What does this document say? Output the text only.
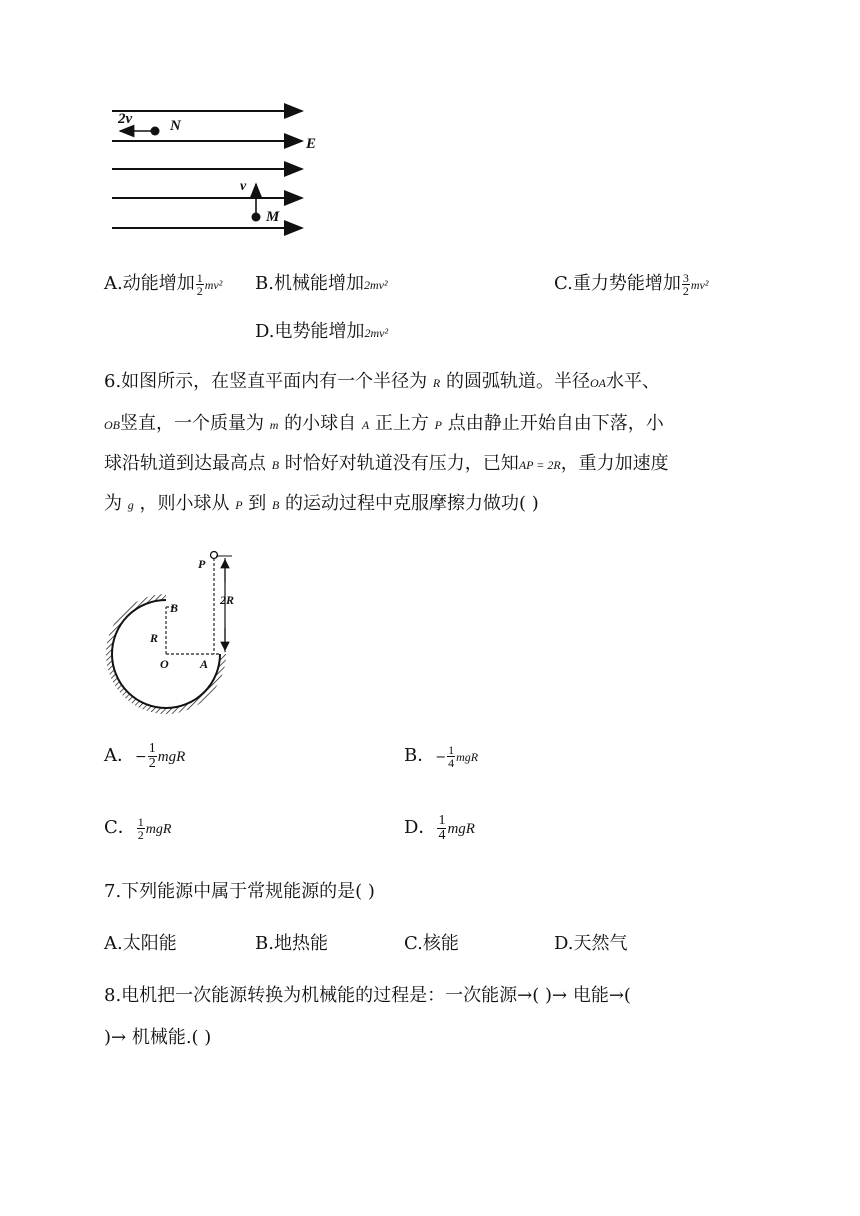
2v	N
E
v
M
A.动能增加 $\frac{1}{2} mv^2$ B.机械能增加2mv²	C.重力势能增加 $\frac{3}{2} mv^2$
D.电势能增加2mv²
6.如图所示，在竖直平面内有一个半径为 R 的圆弧轨道。半径OA水平、
OB竖直，一个质量为 m 的小球自 A 正上方 P 点由静止开始自由下落，小
球沿轨道到达最高点 B 时恰好对轨道没有压力，已知AP = 2R，重力加速度
为 g ，则小球从 P 到 B 的运动过程中克服摩擦力做功( )
P
2R
B
R
O	A
A．− $\frac{1}{2}$ mgR	B．− $\frac{1}{4}$ mgR
C． $\frac{1}{2}$ mgR	D． $\frac{1}{4}$ mgR
7.下列能源中属于常规能源的是( )
A.太阳能	B.地热能	C.核能	D.天然气
8.电机把一次能源转换为机械能的过程是：一次能源→( )→ 电能→(
)→ 机械能.( )
